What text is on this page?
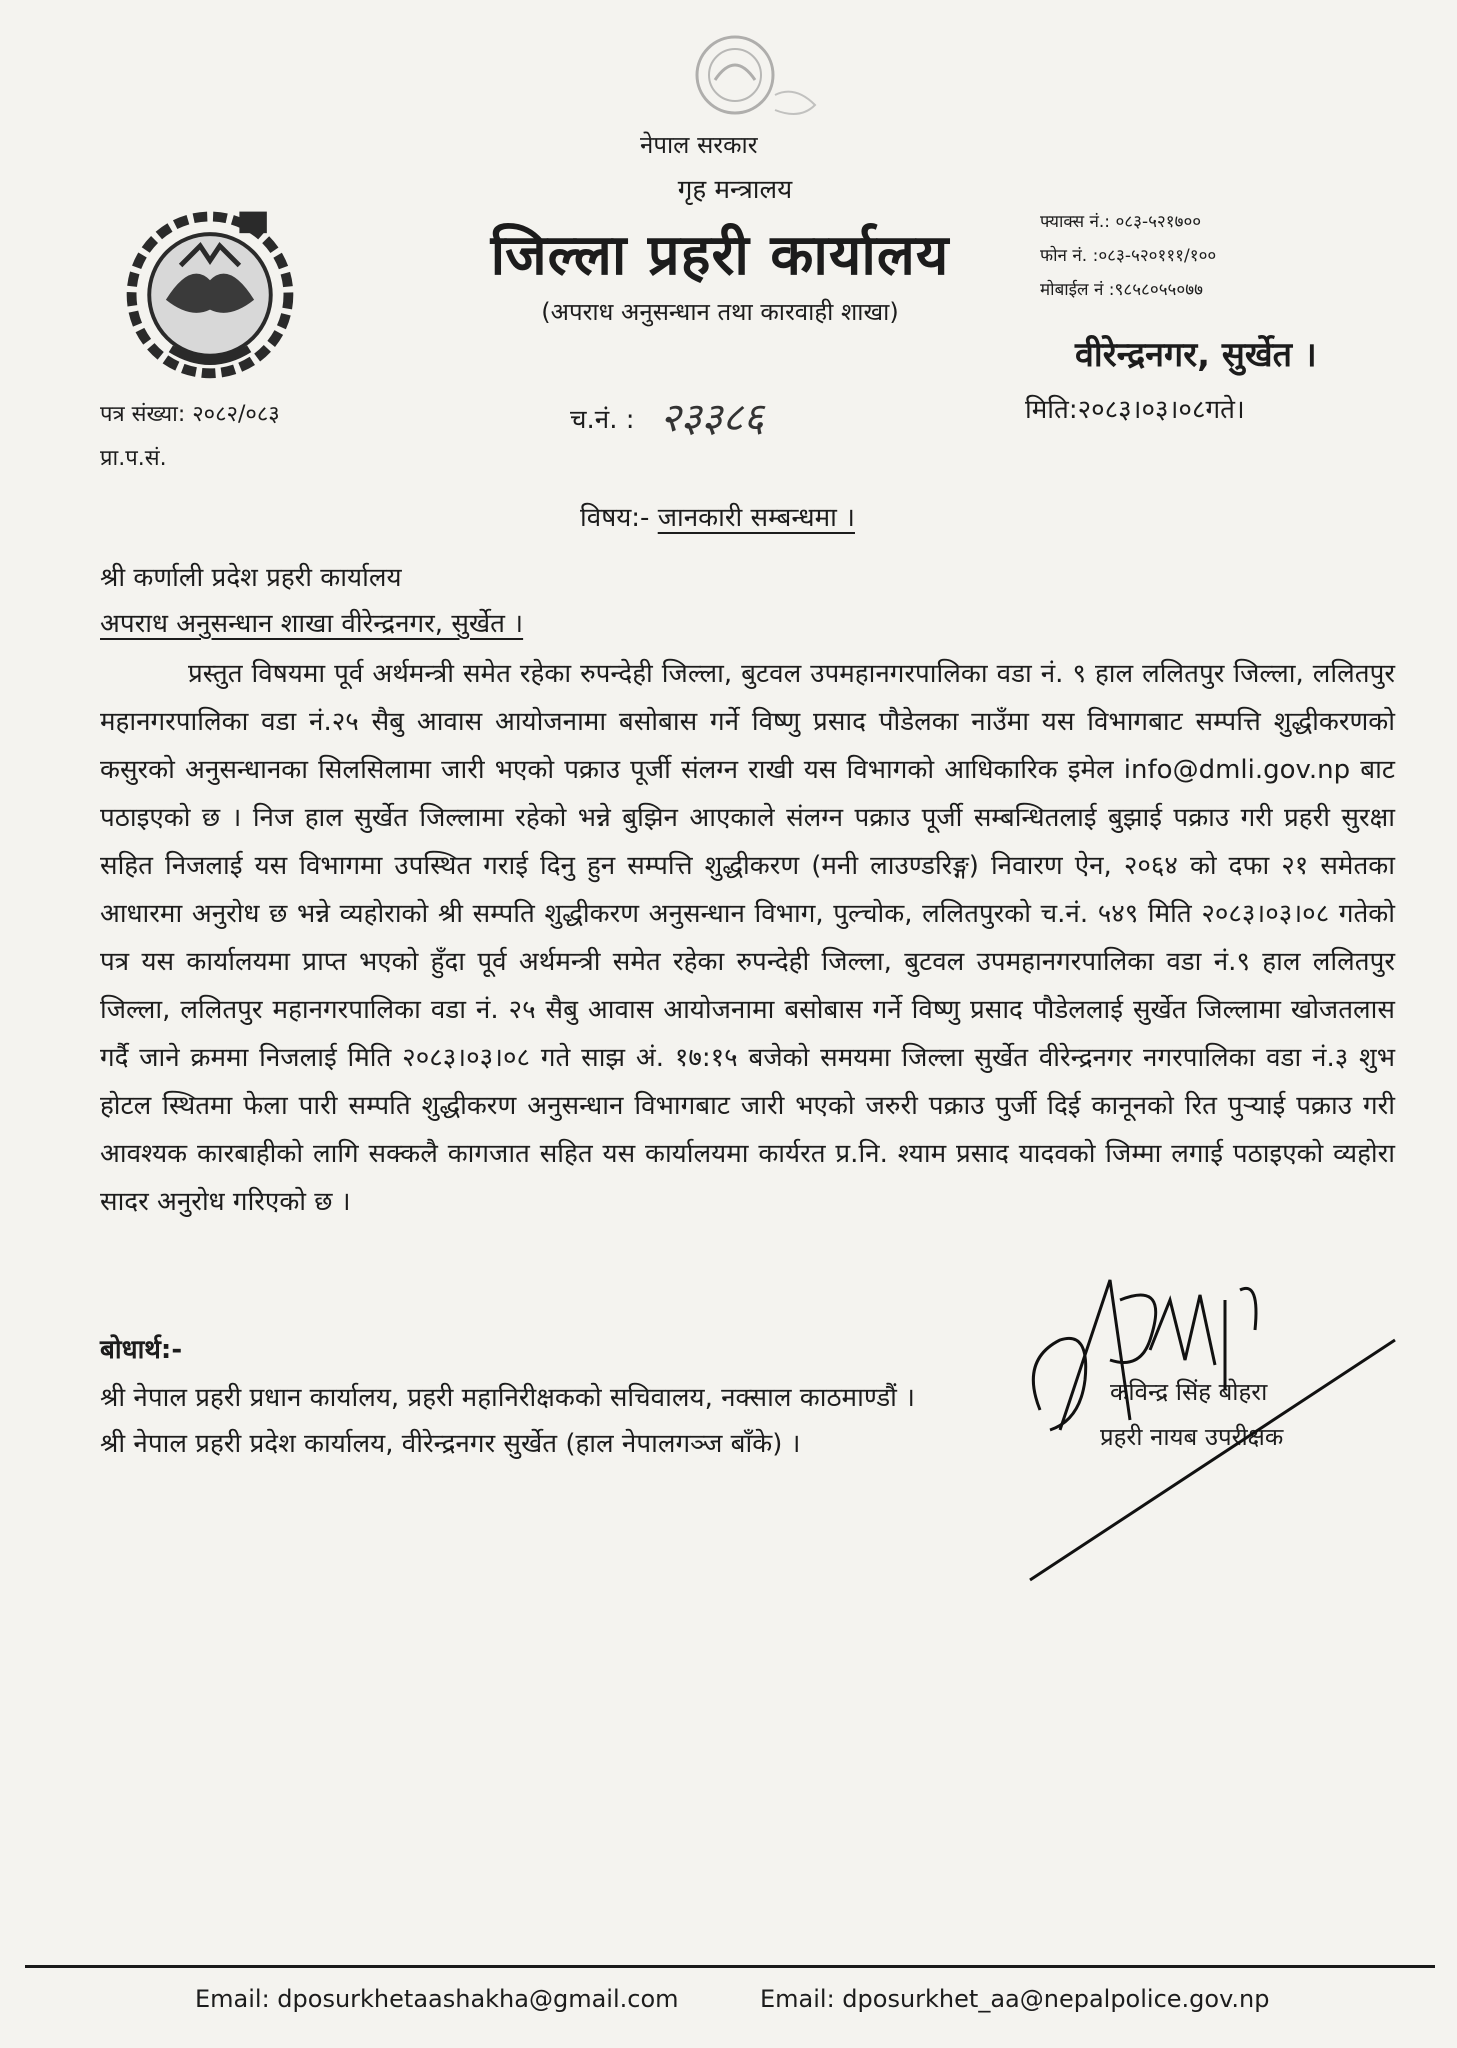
नेपाल सरकार
गृह मन्त्रालय
जिल्ला प्रहरी कार्यालय
(अपराध अनुसन्धान तथा कारवाही शाखा)
फ्याक्स नं.: ०८३-५२१७००
फोन नं. :०८३-५२०१११/१००
मोबाईल नं :९८५८०५५०७७
वीरेन्द्रनगर, सुर्खेत ।
मिति:२०८३।०३।०८गते।
पत्र संख्या: २०८२/०८३
प्रा.प.सं.
च.नं. : २३३८६
विषय:- जानकारी सम्बन्धमा ।
श्री कर्णाली प्रदेश प्रहरी कार्यालय
अपराध अनुसन्धान शाखा वीरेन्द्रनगर, सुर्खेत ।

प्रस्तुत विषयमा पूर्व अर्थमन्त्री समेत रहेका रुपन्देही जिल्ला, बुटवल उपमहानगरपालिका वडा नं. ९ हाल ललितपुर जिल्ला, ललितपुर महानगरपालिका वडा नं.२५ सैबु आवास आयोजनामा बसोबास गर्ने विष्णु प्रसाद पौडेलका नाउँमा यस विभागबाट सम्पत्ति शुद्धीकरणको कसुरको अनुसन्धानका सिलसिलामा जारी भएको पक्राउ पूर्जी संलग्न राखी यस विभागको आधिकारिक इमेल info@dmli.gov.np बाट पठाइएको छ । निज हाल सुर्खेत जिल्लामा रहेको भन्ने बुझिन आएकाले संलग्न पक्राउ पूर्जी सम्बन्धितलाई बुझाई पक्राउ गरी प्रहरी सुरक्षा सहित निजलाई यस विभागमा उपस्थित गराई दिनु हुन सम्पत्ति शुद्धीकरण (मनी लाउण्डरिङ्ग) निवारण ऐन, २०६४ को दफा २१ समेतका आधारमा अनुरोध छ भन्ने व्यहोराको श्री सम्पति शुद्धीकरण अनुसन्धान विभाग, पुल्चोक, ललितपुरको च.नं. ५४९ मिति २०८३।०३।०८ गतेको पत्र यस कार्यालयमा प्राप्त भएको हुँदा पूर्व अर्थमन्त्री समेत रहेका रुपन्देही जिल्ला, बुटवल उपमहानगरपालिका वडा नं.९ हाल ललितपुर जिल्ला, ललितपुर महानगरपालिका वडा नं. २५ सैबु आवास आयोजनामा बसोबास गर्ने विष्णु प्रसाद पौडेललाई सुर्खेत जिल्लामा खोजतलास गर्दै जाने क्रममा निजलाई मिति २०८३।०३।०८ गते साझ अं. १७:१५ बजेको समयमा जिल्ला सुर्खेत वीरेन्द्रनगर नगरपालिका वडा नं.३ शुभ होटल स्थितमा फेला पारी सम्पति शुद्धीकरण अनुसन्धान विभागबाट जारी भएको जरुरी पक्राउ पुर्जी दिई कानूनको रित पुऱ्याई पक्राउ गरी आवश्यक कारबाहीको लागि सक्कलै कागजात सहित यस कार्यालयमा कार्यरत प्र.नि. श्याम प्रसाद यादवको जिम्मा लगाई पठाइएको व्यहोरा सादर अनुरोध गरिएको छ ।

बोधार्थ:-
श्री नेपाल प्रहरी प्रधान कार्यालय, प्रहरी महानिरीक्षकको सचिवालय, नक्साल काठमाण्डौं ।
श्री नेपाल प्रहरी प्रदेश कार्यालय, वीरेन्द्रनगर सुर्खेत (हाल नेपालगञ्ज बाँके) ।
कविन्द्र सिंह बोहरा
प्रहरी नायब उपरीक्षक
Email: dposurkhetaashakha@gmail.com	Email: dposurkhet_aa@nepalpolice.gov.np
